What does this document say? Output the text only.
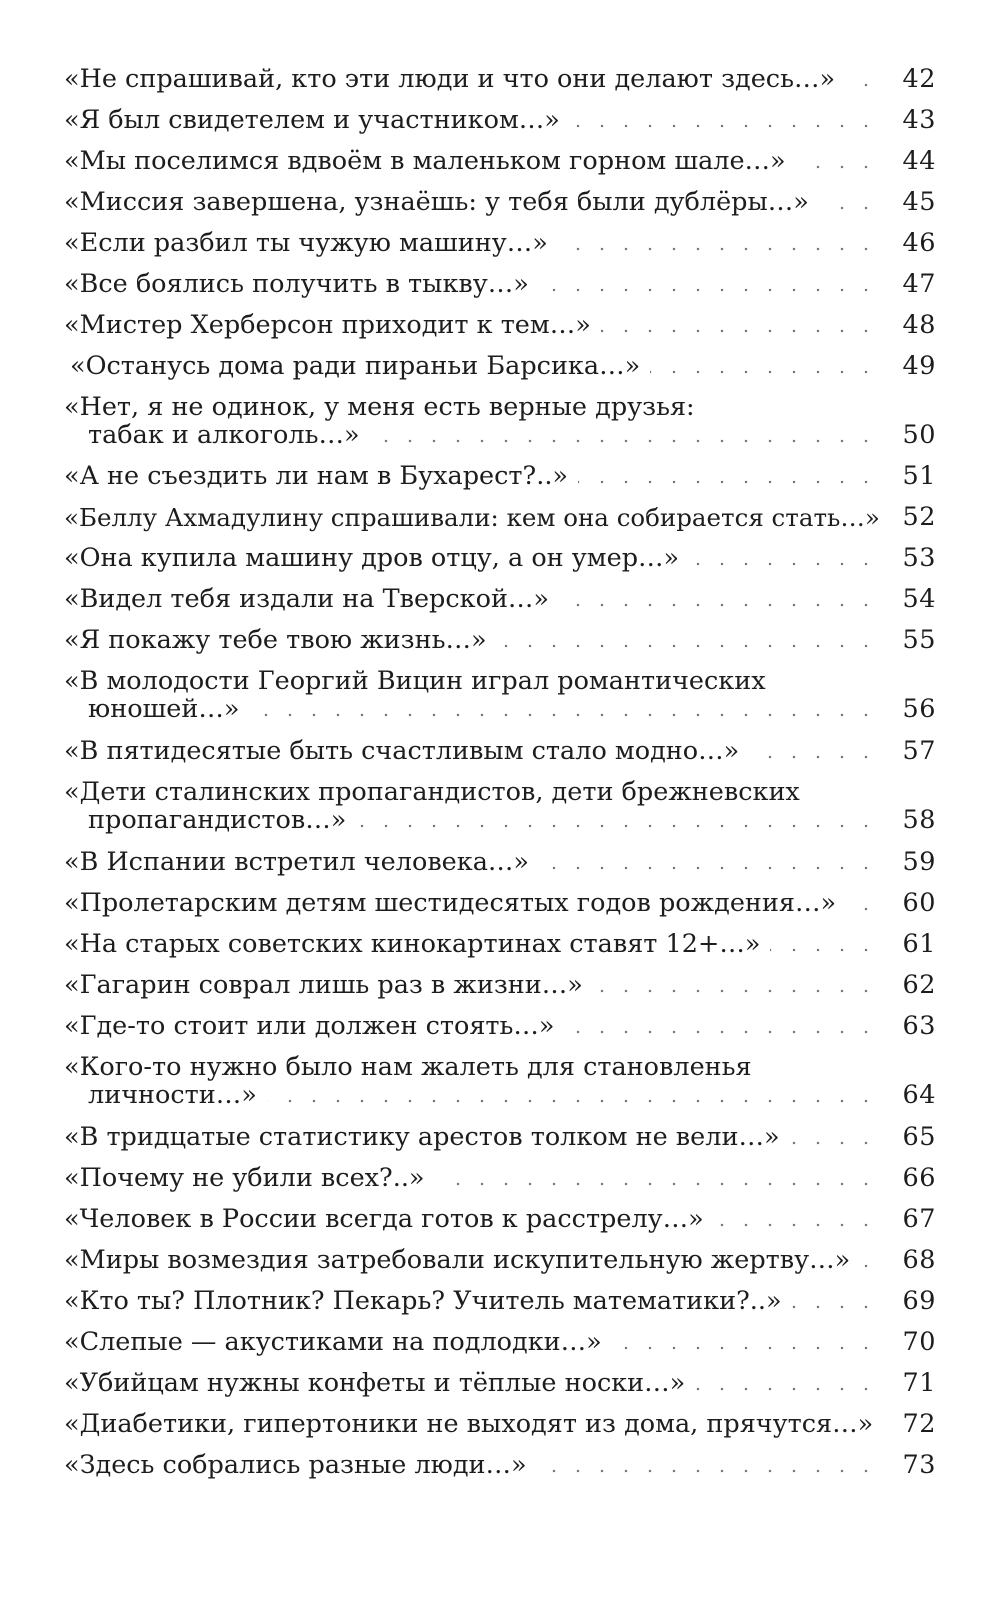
«Не спрашивай, кто эти люди и что они делают здесь…»	42
«Я был свидетелем и участником…»	43
«Мы поселимся вдвоём в маленьком горном шале…»	44
«Миссия завершена, узнаёшь: у тебя были дублёры…»	45
«Если разбил ты чужую машину…»	46
«Все боялись получить в тыкву…»	47
«Мистер Херберсон приходит к тем…»	48
«Останусь дома ради пираньи Барсика…»	49
«Нет, я не одинок, у меня есть верные друзья:
табак и алкоголь…»	50
«А не съездить ли нам в Бухарест?..»	51
«Беллу Ахмадулину спрашивали: кем она собирается стать…» 52
«Она купила машину дров отцу, а он умер…»	53
«Видел тебя издали на Тверской…»	54
«Я покажу тебе твою жизнь…»	55
«В молодости Георгий Вицин играл романтических
юношей…»	56
«В пятидесятые быть счастливым стало модно…»	57
«Дети сталинских пропагандистов, дети брежневских
пропагандистов…»	58
«В Испании встретил человека…»	59
«Пролетарским детям шестидесятых годов рождения…»	60
«На старых советских кинокартинах ставят 12+…»	61
«Гагарин соврал лишь раз в жизни…»	62
«Где-то стоит или должен стоять…»	63
«Кого-то нужно было нам жалеть для становленья
личности…»	64
«В тридцатые статистику арестов толком не вели…»	65
«Почему не убили всех?..»	66
«Человек в России всегда готов к расстрелу…»	67
«Миры возмездия затребовали искупительную жертву…» 68
«Кто ты? Плотник? Пекарь? Учитель математики?..»	69
«Слепые — акустиками на подлодки…»	70
«Убийцам нужны конфеты и тёплые носки…»	71
«Диабетики, гипертоники не выходят из дома, прячутся…» 72
«Здесь собрались разные люди…»	73
